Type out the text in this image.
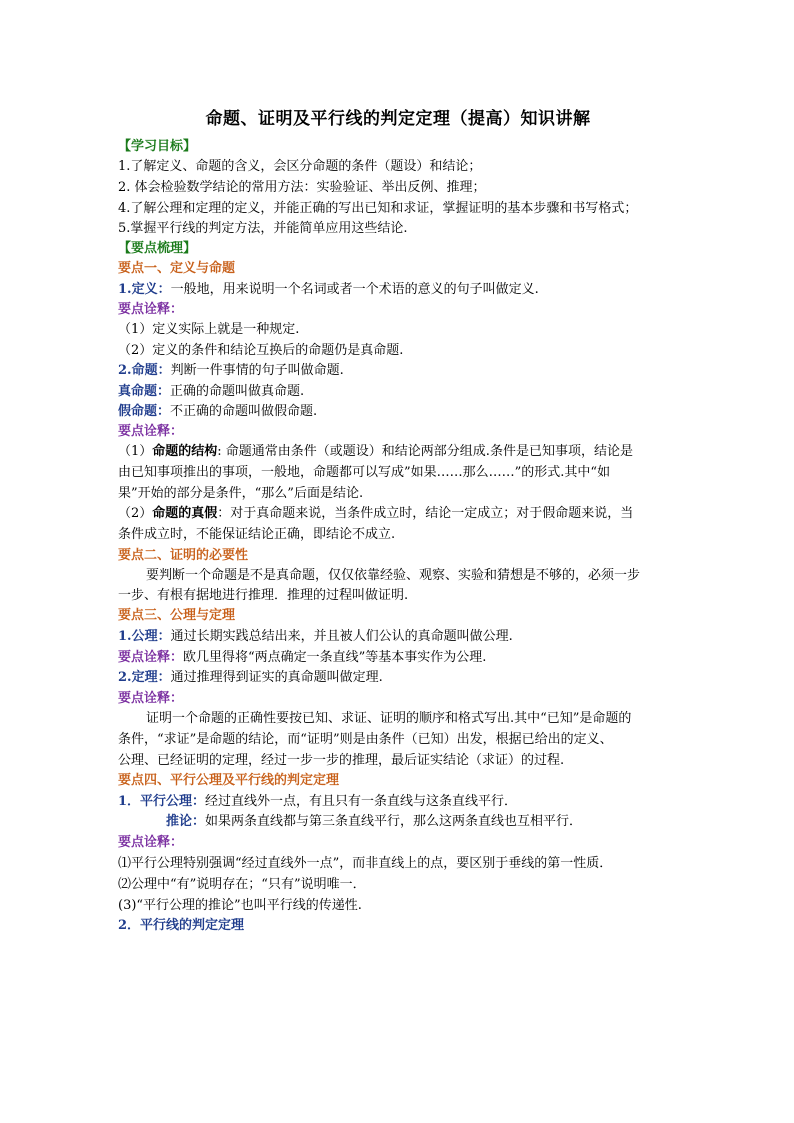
命题、证明及平行线的判定定理（提高）知识讲解
【学习目标】
1.了解定义、命题的含义，会区分命题的条件（题设）和结论；
2. 体会检验数学结论的常用方法：实验验证、举出反例、推理；
4.了解公理和定理的定义，并能正确的写出已知和求证，掌握证明的基本步骤和书写格式；
5.掌握平行线的判定方法，并能简单应用这些结论.
【要点梳理】
要点一、定义与命题
1.定义：一般地，用来说明一个名词或者一个术语的意义的句子叫做定义.
要点诠释：
（1）定义实际上就是一种规定.
（2）定义的条件和结论互换后的命题仍是真命题.
2.命题：判断一件事情的句子叫做命题.
真命题：正确的命题叫做真命题.
假命题：不正确的命题叫做假命题.
要点诠释：
（1）命题的结构: 命题通常由条件（或题设）和结论两部分组成.条件是已知事项，结论是
由已知事项推出的事项，一般地，命题都可以写成”如果……那么……”的形式.其中“如
果”开始的部分是条件，“那么”后面是结论.
（2）命题的真假：对于真命题来说，当条件成立时，结论一定成立；对于假命题来说，当
条件成立时，不能保证结论正确，即结论不成立.
要点二、证明的必要性
要判断一个命题是不是真命题，仅仅依靠经验、观察、实验和猜想是不够的，必须一步
一步、有根有据地进行推理．推理的过程叫做证明.
要点三、公理与定理
1.公理：通过长期实践总结出来，并且被人们公认的真命题叫做公理.
要点诠释：欧几里得将“两点确定一条直线”等基本事实作为公理.
2.定理：通过推理得到证实的真命题叫做定理.
要点诠释：
证明一个命题的正确性要按已知、求证、证明的顺序和格式写出.其中“已知”是命题的
条件，“求证”是命题的结论，而“证明”则是由条件（已知）出发，根据已给出的定义、
公理、已经证明的定理，经过一步一步的推理，最后证实结论（求证）的过程.
要点四、平行公理及平行线的判定定理
1．平行公理：经过直线外一点，有且只有一条直线与这条直线平行．
推论：如果两条直线都与第三条直线平行，那么这两条直线也互相平行．
要点诠释：
⑴平行公理特别强调“经过直线外一点”，而非直线上的点，要区别于垂线的第一性质．
⑵公理中“有”说明存在；“只有”说明唯一．
(3)“平行公理的推论”也叫平行线的传递性.
2．平行线的判定定理
